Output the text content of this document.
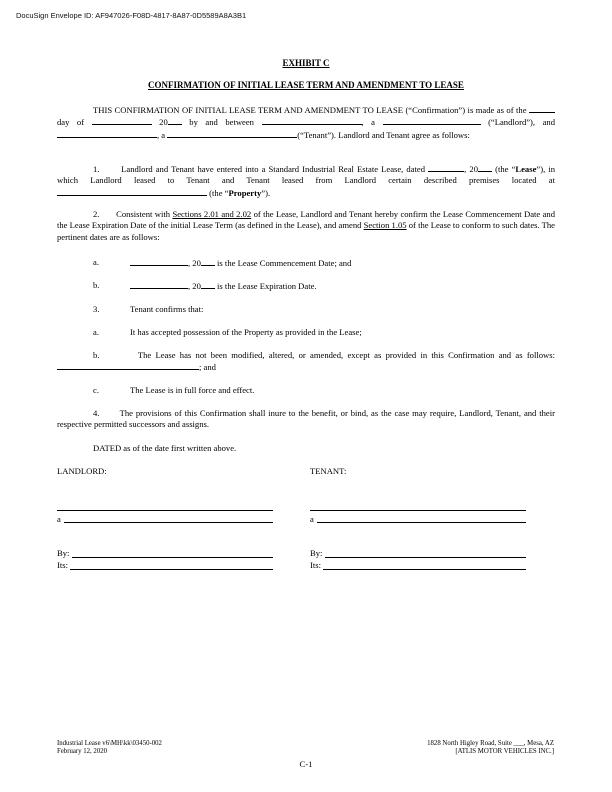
DocuSign Envelope ID: AF947026-F08D-4817-8A87-0D5589A8A3B1
EXHIBIT C
CONFIRMATION OF INITIAL LEASE TERM AND AMENDMENT TO LEASE
THIS CONFIRMATION OF INITIAL LEASE TERM AND AMENDMENT TO LEASE (“Confirmation”) is made as of the  day of	20	by and between	, a	(“Landlord”), and , a	(“Tenant”). Landlord and Tenant agree as follows:
1.	Landlord and Tenant have entered into a Standard Industrial Real Estate Lease, dated	, 20 (the “Lease”), in which Landlord leased to Tenant and Tenant leased from Landlord certain described premises located at  (the “Property”).
2. Consistent with Sections 2.01 and 2.02 of the Lease, Landlord and Tenant hereby confirm the Lease Commencement Date and the Lease Expiration Date of the initial Lease Term (as defined in the Lease), and amend Section 1.05 of the Lease to conform to such dates. The pertinent dates are as follows:
a.	, 20 is the Lease Commencement Date; and
b.	, 20 is the Lease Expiration Date.
3.	Tenant confirms that:
a.	It has accepted possession of the Property as provided in the Lease;
b.	The Lease has not been modified, altered, or amended, except as provided in this Confirmation and as follows: ; and
c.	The Lease is in full force and effect.
4. The provisions of this Confirmation shall inure to the benefit, or bind, as the case may require, Landlord, Tenant, and their respective permitted successors and assigns.
DATED as of the date first written above.
LANDLORD:	TENANT:
a	a
By:	By:
Its:	Its:
Industrial Lease v6\MH\kk\03450-002
February 12, 2020
1828 North Higley Road, Suite ___, Mesa, AZ
[ATLIS MOTOR VEHICLES INC.]
C-1
